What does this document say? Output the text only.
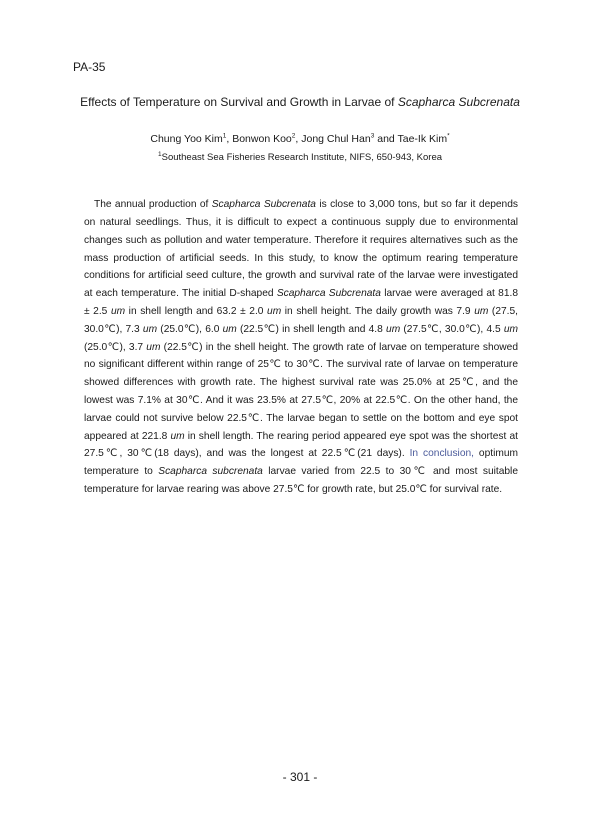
PA-35
Effects of Temperature on Survival and Growth in Larvae of Scapharca Subcrenata
Chung Yoo Kim$^1$, Bonwon Koo$^2$, Jong Chul Han$^3$ and Tae-Ik Kim*
$^1$Southeast Sea Fisheries Research Institute, NIFS, 650-943, Korea

The annual production of Scapharca Subcrenata is close to 3,000 tons, but so far it depends on natural seedlings. Thus, it is difficult to expect a continuous supply due to environmental changes such as pollution and water temperature. Therefore it requires alternatives such as the mass production of artificial seeds. In this study, to know the optimum rearing temperature conditions for artificial seed culture, the growth and survival rate of the larvae were investigated at each temperature. The initial D-shaped Scapharca Subcrenata larvae were averaged at 81.8 ± 2.5 um in shell length and 63.2 ± 2.0 um in shell height. The daily growth was 7.9 um (27.5, 30.0℃), 7.3 um (25.0℃), 6.0 um (22.5℃) in shell length and 4.8 um (27.5℃, 30.0℃), 4.5 um (25.0℃), 3.7 um (22.5℃) in the shell height. The growth rate of larvae on temperature showed no significant different within range of 25℃ to 30℃. The survival rate of larvae on temperature showed differences with growth rate. The highest survival rate was 25.0% at 25℃, and the lowest was 7.1% at 30℃. And it was 23.5% at 27.5℃, 20% at 22.5℃. On the other hand, the larvae could not survive below 22.5℃. The larvae began to settle on the bottom and eye spot appeared at 221.8 um in shell length. The rearing period appeared eye spot was the shortest at 27.5℃, 30℃(18 days), and was the longest at 22.5℃(21 days). In conclusion, optimum temperature to Scapharca subcrenata larvae varied from 22.5 to 30℃ and most suitable temperature for larvae rearing was above 27.5℃ for growth rate, but 25.0℃ for survival rate.

- 301 -
